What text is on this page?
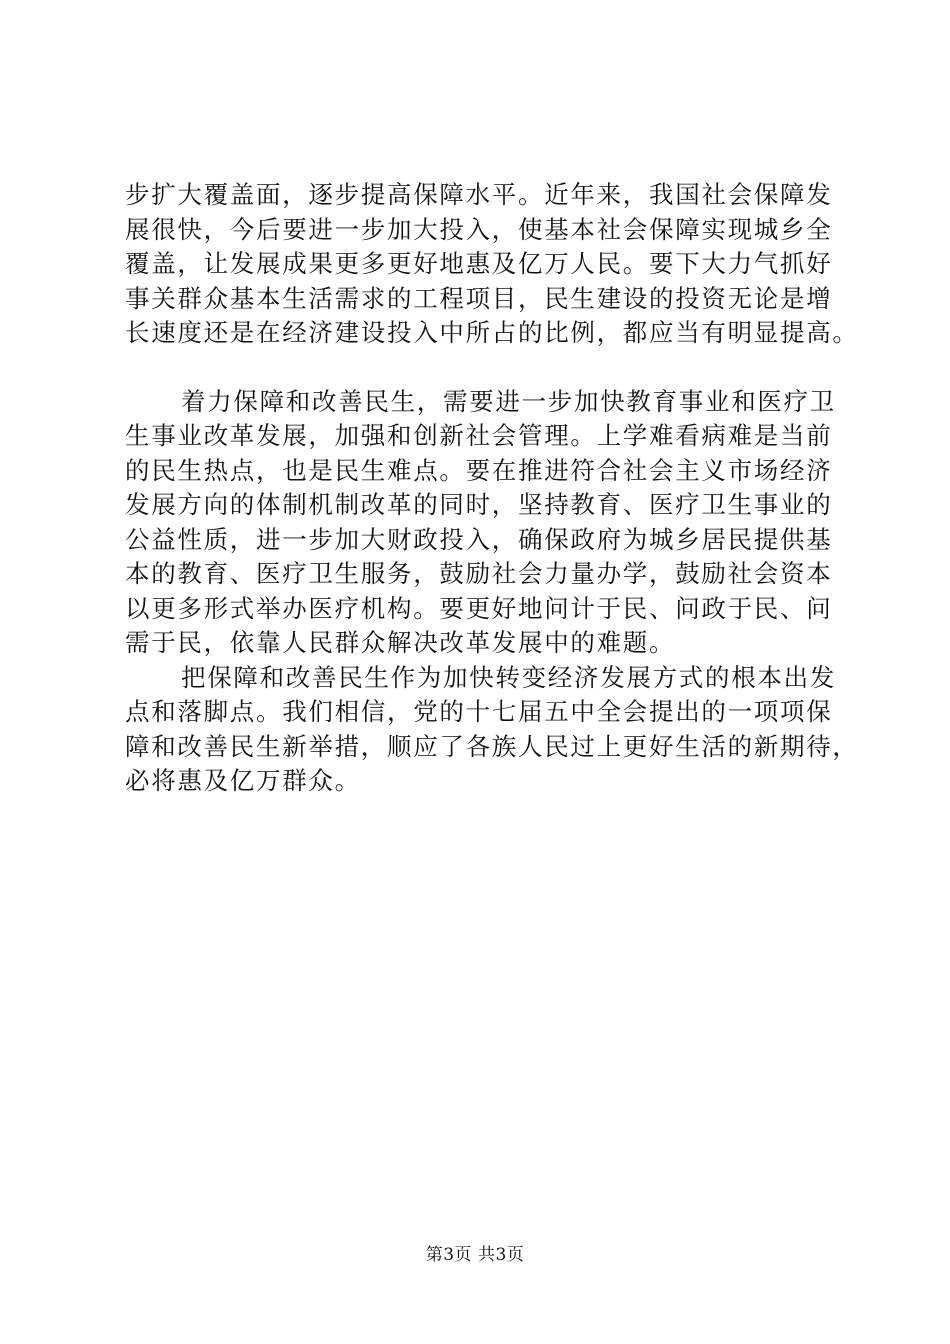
步扩大覆盖面，逐步提高保障水平。近年来，我国社会保障发
展很快，今后要进一步加大投入，使基本社会保障实现城乡全
覆盖，让发展成果更多更好地惠及亿万人民。要下大力气抓好
事关群众基本生活需求的工程项目，民生建设的投资无论是增
长速度还是在经济建设投入中所占的比例，都应当有明显提高。
着力保障和改善民生，需要进一步加快教育事业和医疗卫
生事业改革发展，加强和创新社会管理。上学难看病难是当前
的民生热点，也是民生难点。要在推进符合社会主义市场经济
发展方向的体制机制改革的同时，坚持教育、医疗卫生事业的
公益性质，进一步加大财政投入，确保政府为城乡居民提供基
本的教育、医疗卫生服务，鼓励社会力量办学，鼓励社会资本
以更多形式举办医疗机构。要更好地问计于民、问政于民、问
需于民，依靠人民群众解决改革发展中的难题。
把保障和改善民生作为加快转变经济发展方式的根本出发
点和落脚点。我们相信，党的十七届五中全会提出的一项项保
障和改善民生新举措，顺应了各族人民过上更好生活的新期待，
必将惠及亿万群众。
第3页 共3页
